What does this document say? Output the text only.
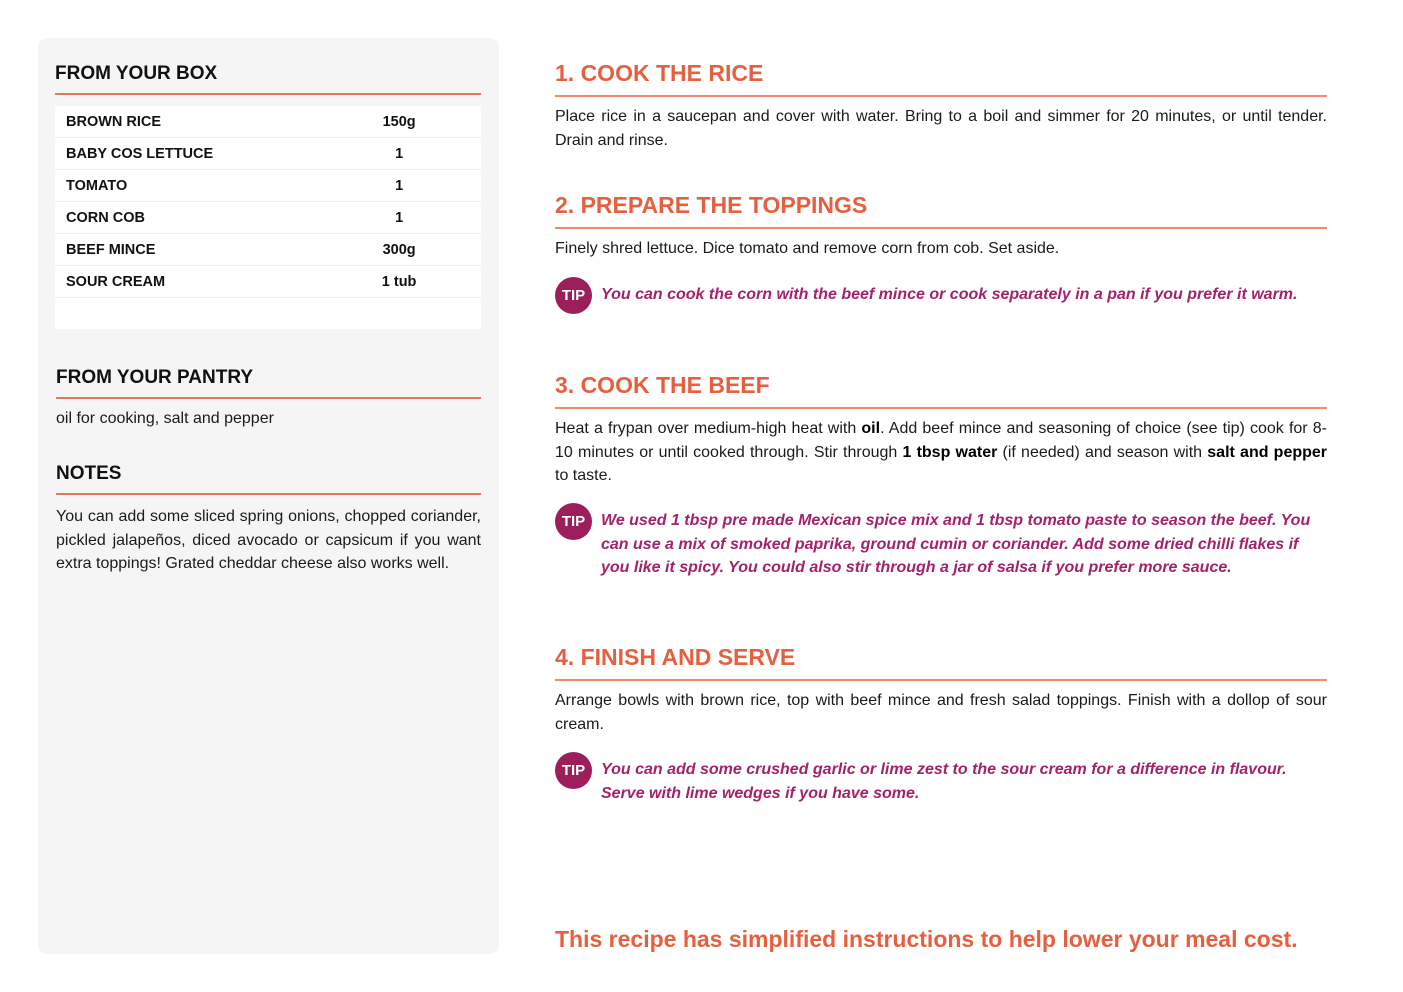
FROM YOUR BOX
BROWN RICE	150g
BABY COS LETTUCE	1
TOMATO	1
CORN COB	1
BEEF MINCE	300g
SOUR CREAM	1 tub

FROM YOUR PANTRY
oil for cooking, salt and pepper
NOTES
You can add some sliced spring onions, chopped coriander, pickled jalapeños, diced avocado or capsicum if you want extra toppings! Grated cheddar cheese also works well.
1. COOK THE RICE
Place rice in a saucepan and cover with water. Bring to a boil and simmer for 20 minutes, or until tender. Drain and rinse.
2. PREPARE THE TOPPINGS
Finely shred lettuce. Dice tomato and remove corn from cob. Set aside.
TIP You can cook the corn with the beef mince or cook separately in a pan if you prefer it warm.
3. COOK THE BEEF
Heat a frypan over medium-high heat with oil. Add beef mince and seasoning of choice (see tip) cook for 8-10 minutes or until cooked through. Stir through 1 tbsp water (if needed) and season with salt and pepper to taste.
TIP We used 1 tbsp pre made Mexican spice mix and 1 tbsp tomato paste to season the beef. You can use a mix of smoked paprika, ground cumin or coriander. Add some dried chilli flakes if you like it spicy. You could also stir through a jar of salsa if you prefer more sauce.
4. FINISH AND SERVE
Arrange bowls with brown rice, top with beef mince and fresh salad toppings. Finish with a dollop of sour cream.
TIP You can add some crushed garlic or lime zest to the sour cream for a difference in flavour. Serve with lime wedges if you have some.
This recipe has simplified instructions to help lower your meal cost.
